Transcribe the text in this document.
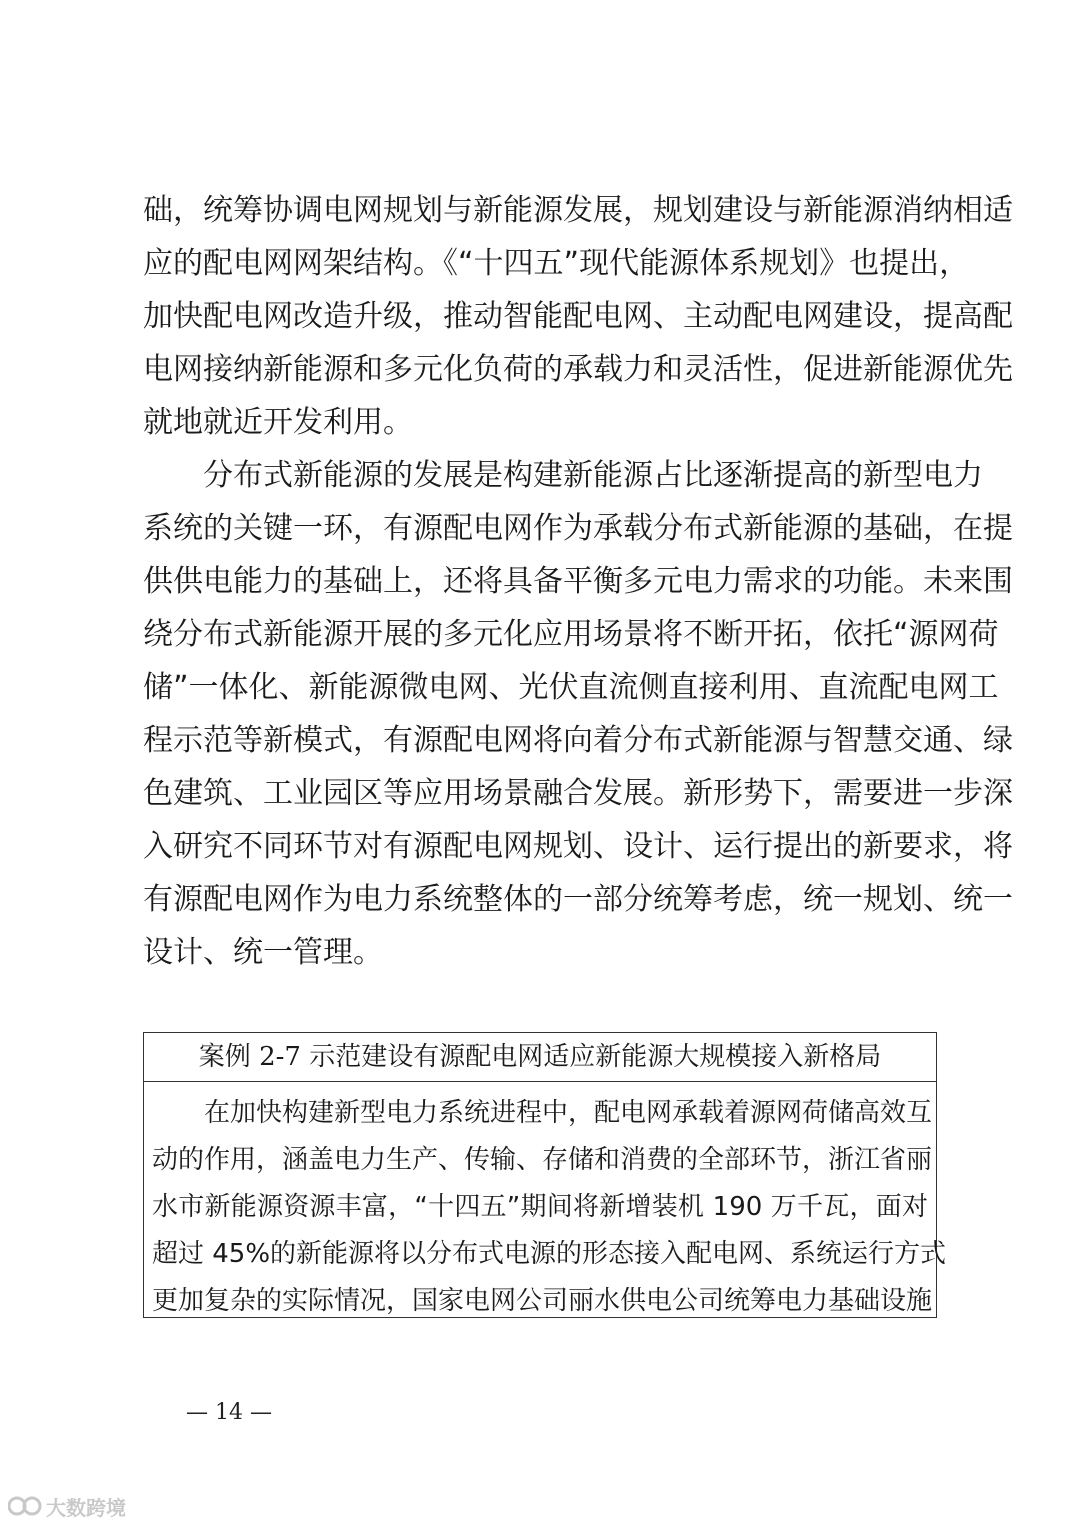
础，统筹协调电网规划与新能源发展，规划建设与新能源消纳相适
应的配电网网架结构。《“十四五”现代能源体系规划》也提出，
加快配电网改造升级，推动智能配电网、主动配电网建设，提高配
电网接纳新能源和多元化负荷的承载力和灵活性，促进新能源优先
就地就近开发利用。
分布式新能源的发展是构建新能源占比逐渐提高的新型电力
系统的关键一环，有源配电网作为承载分布式新能源的基础，在提
供供电能力的基础上，还将具备平衡多元电力需求的功能。未来围
绕分布式新能源开展的多元化应用场景将不断开拓，依托“源网荷
储”一体化、新能源微电网、光伏直流侧直接利用、直流配电网工
程示范等新模式，有源配电网将向着分布式新能源与智慧交通、绿
色建筑、工业园区等应用场景融合发展。新形势下，需要进一步深
入研究不同环节对有源配电网规划、设计、运行提出的新要求，将
有源配电网作为电力系统整体的一部分统筹考虑，统一规划、统一
设计、统一管理。
案例 2-7 示范建设有源配电网适应新能源大规模接入新格局
在加快构建新型电力系统进程中，配电网承载着源网荷储高效互
动的作用，涵盖电力生产、传输、存储和消费的全部环节，浙江省丽
水市新能源资源丰富，“十四五”期间将新增装机 190 万千瓦，面对
超过 45%的新能源将以分布式电源的形态接入配电网、系统运行方式
更加复杂的实际情况，国家电网公司丽水供电公司统筹电力基础设施
— 14 —
大数跨境
